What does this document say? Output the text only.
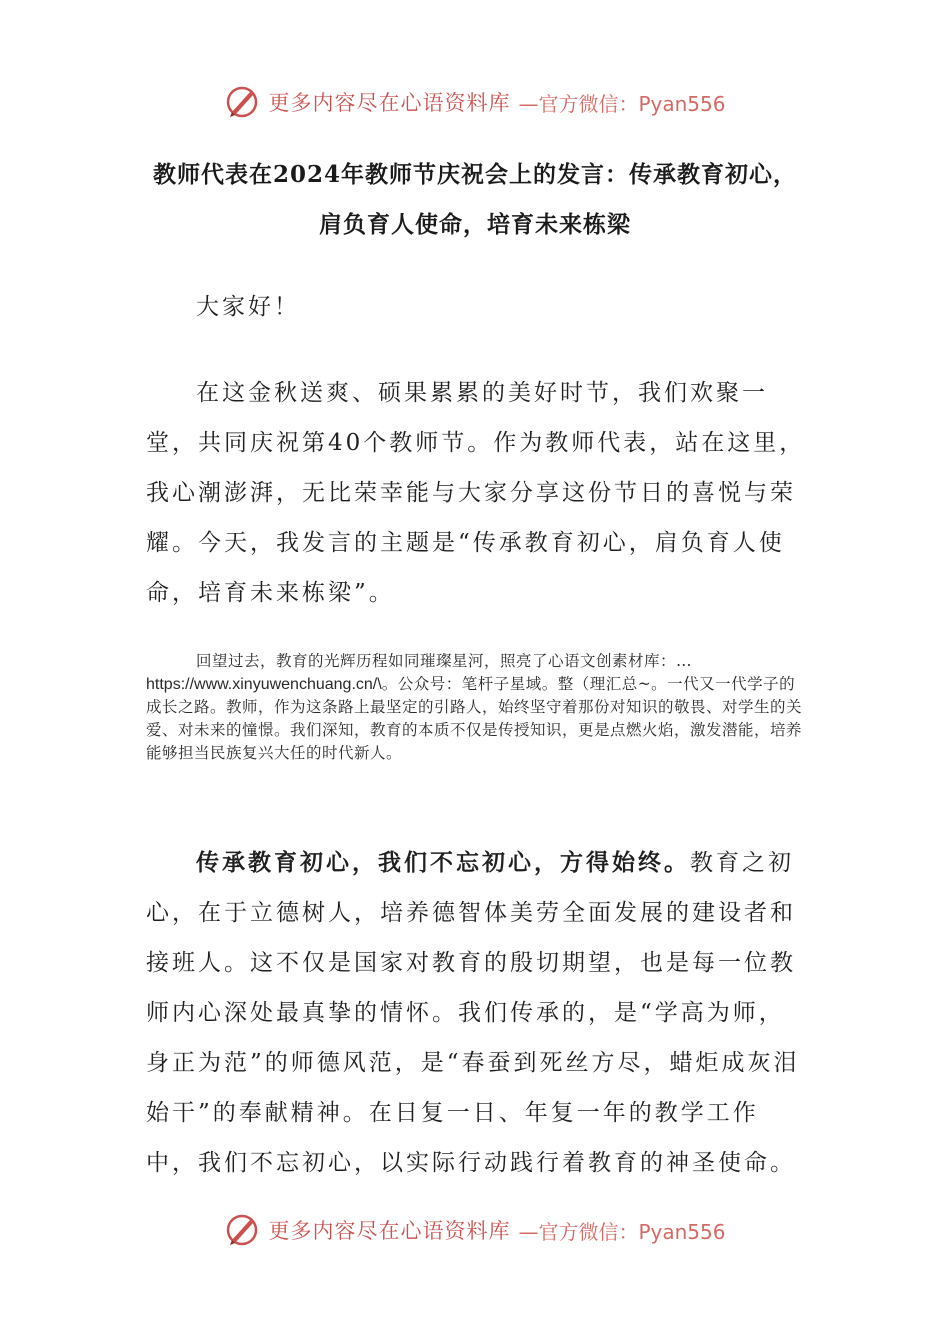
更多内容尽在心语资料库 —官方微信：Pyan556
教师代表在2024年教师节庆祝会上的发言：传承教育初心，
肩负育人使命，培育未来栋梁

大家好！

在这金秋送爽、硕果累累的美好时节，我们欢聚一堂，共同庆祝第40个教师节。作为教师代表，站在这里，我心潮澎湃，无比荣幸能与大家分享这份节日的喜悦与荣耀。今天，我发言的主题是“传承教育初心，肩负育人使命，培育未来栋梁”。

回望过去，教育的光辉历程如同璀璨星河，照亮了心语文创素材库：… https://www.xinyuwenchuang.cn/\。公众号：笔杆子星域。整（理汇总~。一代又一代学子的成长之路。教师，作为这条路上最坚定的引路人，始终坚守着那份对知识的敬畏、对学生的关爱、对未来的憧憬。我们深知，教育的本质不仅是传授知识，更是点燃火焰，激发潜能，培养能够担当民族复兴大任的时代新人。

传承教育初心，我们不忘初心，方得始终。教育之初心，在于立德树人，培养德智体美劳全面发展的建设者和接班人。这不仅是国家对教育的殷切期望，也是每一位教师内心深处最真挚的情怀。我们传承的，是“学高为师，身正为范”的师德风范，是“春蚕到死丝方尽，蜡炬成灰泪始干”的奉献精神。在日复一日、年复一年的教学工作中，我们不忘初心，以实际行动践行着教育的神圣使命。

更多内容尽在心语资料库 —官方微信：Pyan556
